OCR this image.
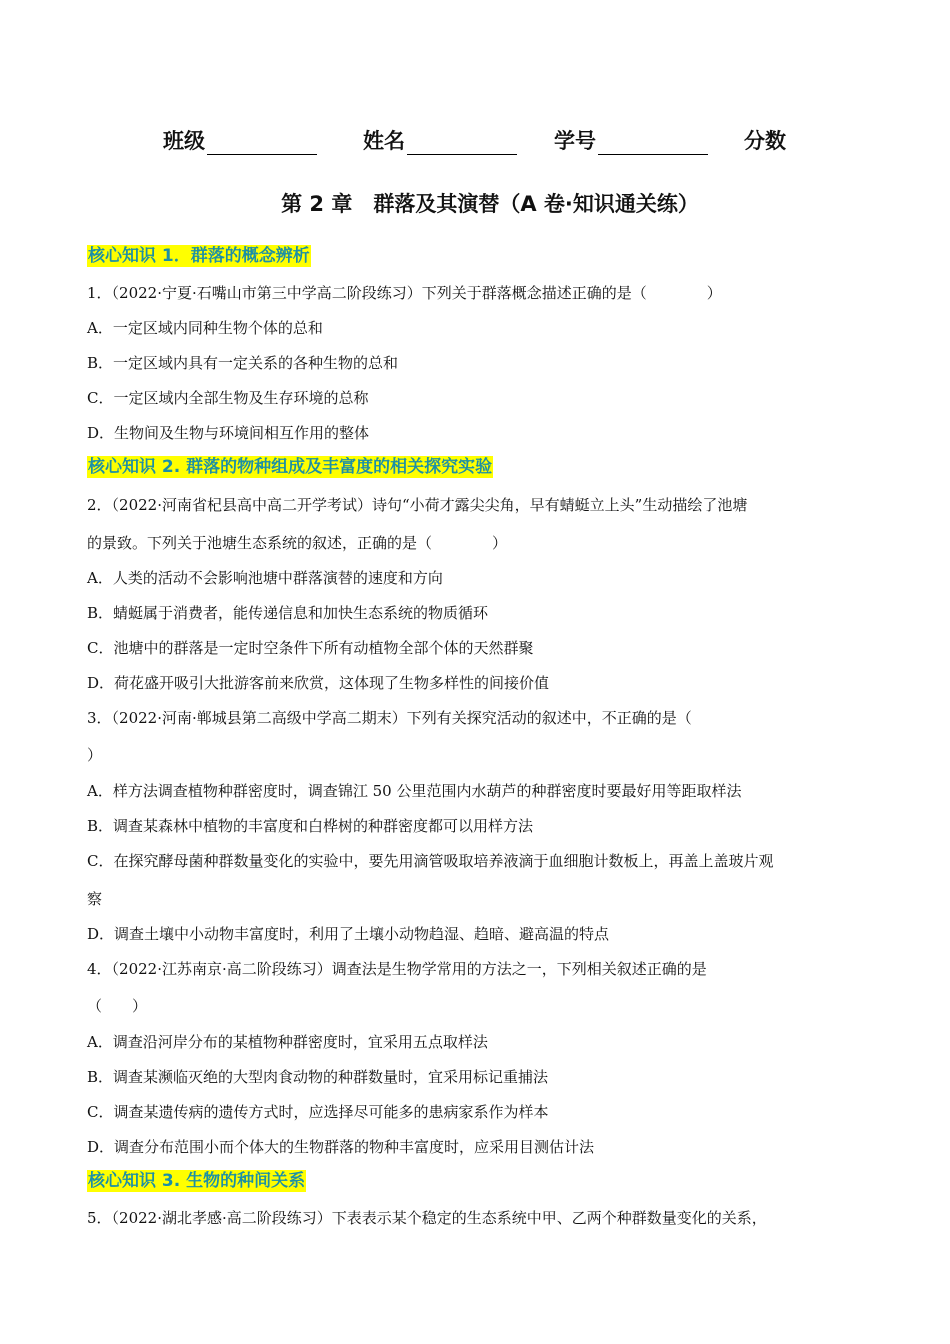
班级	姓名	学号	分数
第 2 章　群落及其演替（A 卷·知识通关练）
核心知识 1．群落的概念辨析
1．（2022·宁夏·石嘴山市第三中学高二阶段练习）下列关于群落概念描述正确的是（　　　　）
A．一定区域内同种生物个体的总和
B．一定区域内具有一定关系的各种生物的总和
C．一定区域内全部生物及生存环境的总称
D．生物间及生物与环境间相互作用的整体
核心知识 2. 群落的物种组成及丰富度的相关探究实验
2．（2022·河南省杞县高中高二开学考试）诗句“小荷才露尖尖角，早有蜻蜓立上头”生动描绘了池塘
的景致。下列关于池塘生态系统的叙述，正确的是（　　　　）
A．人类的活动不会影响池塘中群落演替的速度和方向
B．蜻蜓属于消费者，能传递信息和加快生态系统的物质循环
C．池塘中的群落是一定时空条件下所有动植物全部个体的天然群聚
D．荷花盛开吸引大批游客前来欣赏，这体现了生物多样性的间接价值
3．（2022·河南·郸城县第二高级中学高二期末）下列有关探究活动的叙述中，不正确的是（
）
A．样方法调查植物种群密度时，调查锦江 50 公里范围内水葫芦的种群密度时要最好用等距取样法
B．调查某森林中植物的丰富度和白桦树的种群密度都可以用样方法
C．在探究酵母菌种群数量变化的实验中，要先用滴管吸取培养液滴于血细胞计数板上，再盖上盖玻片观
察
D．调查土壤中小动物丰富度时，利用了土壤小动物趋湿、趋暗、避高温的特点
4．（2022·江苏南京·高二阶段练习）调查法是生物学常用的方法之一，下列相关叙述正确的是
（　　）
A．调查沿河岸分布的某植物种群密度时，宜采用五点取样法
B．调查某濒临灭绝的大型肉食动物的种群数量时，宜采用标记重捕法
C．调查某遗传病的遗传方式时，应选择尽可能多的患病家系作为样本
D．调查分布范围小而个体大的生物群落的物种丰富度时，应采用目测估计法
核心知识 3. 生物的种间关系
5．（2022·湖北孝感·高二阶段练习）下表表示某个稳定的生态系统中甲、乙两个种群数量变化的关系，
